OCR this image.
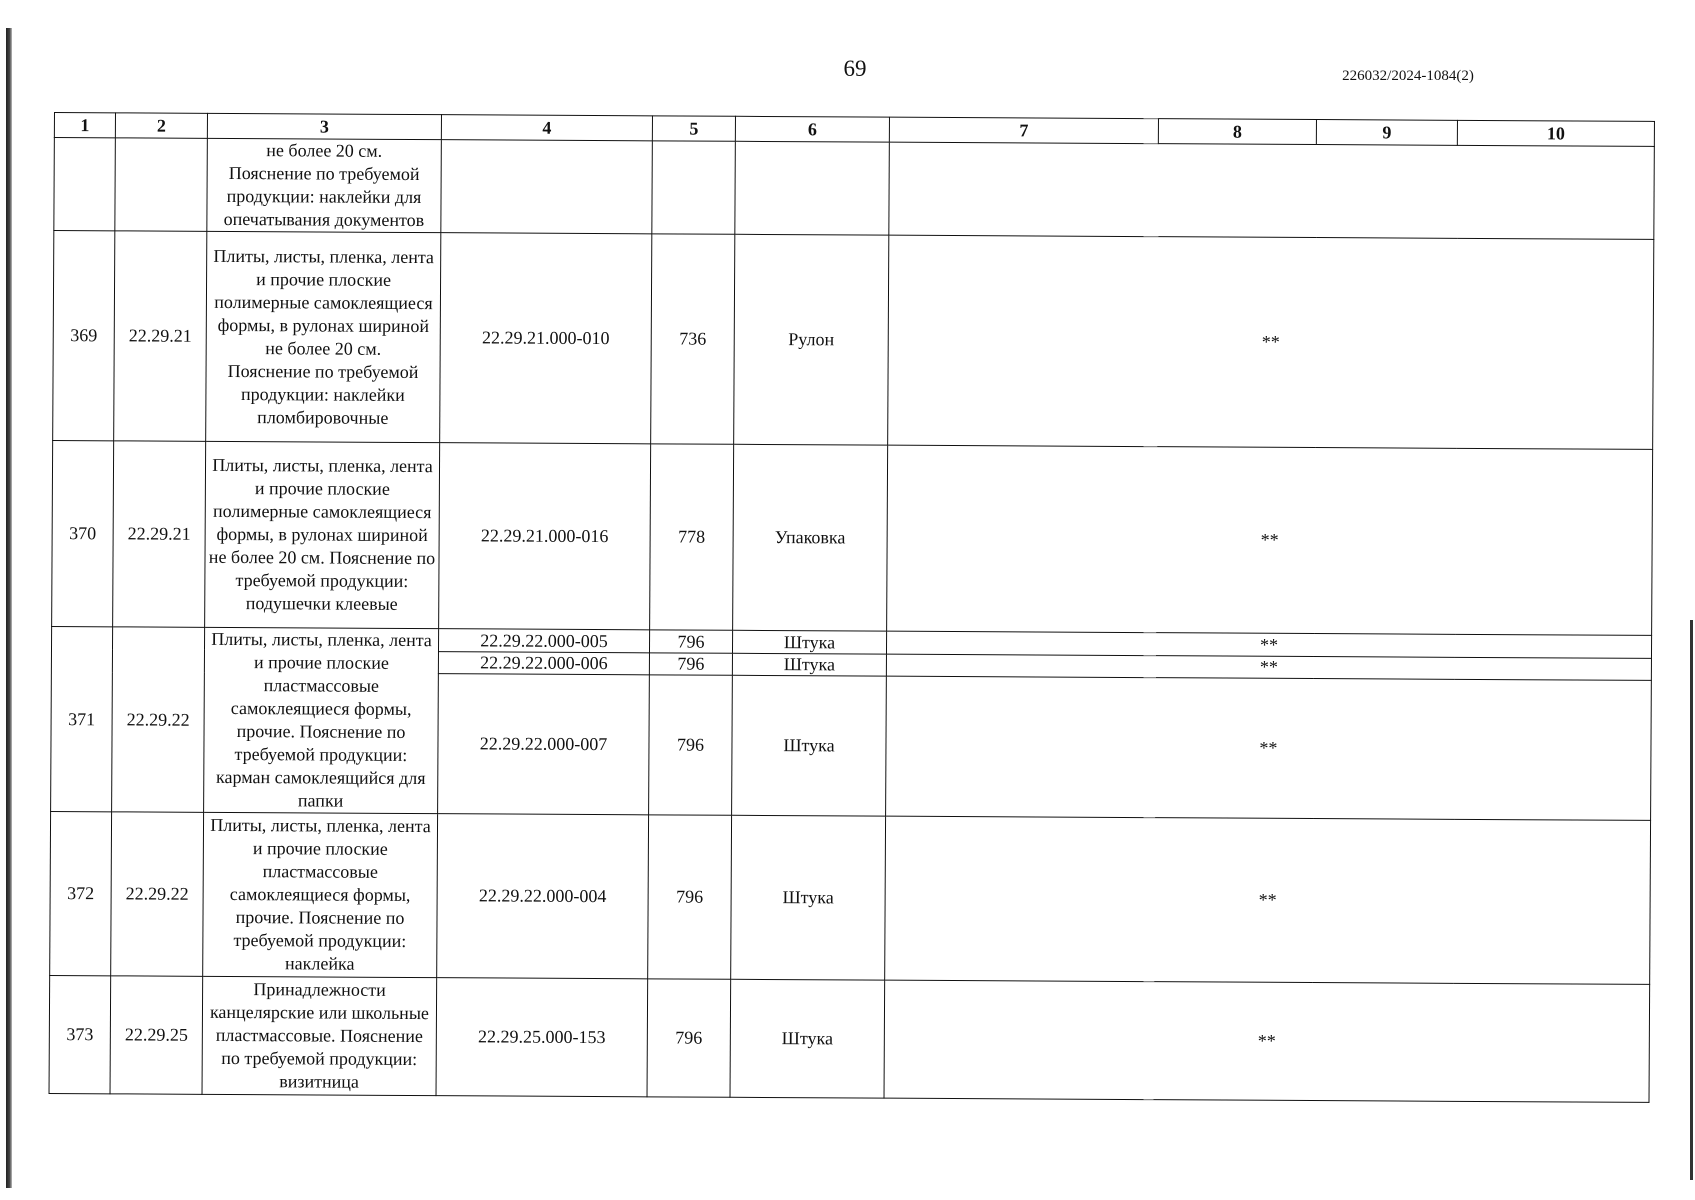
69	226032/2024-1084(2)
1	2	3	4	5	6	7	8	9	10
		не более 20 см.
Пояснение по требуемой продукции: наклейки для опечатывания документов							
369	22.29.21	Плиты, листы, пленка, лента и прочие плоские полимерные самоклеящиеся формы, в рулонах шириной не более 20 см.
Пояснение по требуемой продукции: наклейки пломбировочные	22.29.21.000-010	736	Рулон	**			
370	22.29.21	Плиты, листы, пленка, лента и прочие плоские полимерные самоклеящиеся формы, в рулонах шириной не более 20 см. Пояснение по требуемой продукции: подушечки клеевые	22.29.21.000-016	778	Упаковка	**			
371	22.29.22	Плиты, листы, пленка, лента и прочие плоские пластмассовые самоклеящиеся формы, прочие. Пояснение по требуемой продукции: карман самоклеящийся для папки	22.29.22.000-005	796	Штука	**			
			22.29.22.000-006	796	Штука	**			
			22.29.22.000-007	796	Штука	**			
372	22.29.22	Плиты, листы, пленка, лента и прочие плоские пластмассовые самоклеящиеся формы, прочие. Пояснение по требуемой продукции: наклейка	22.29.22.000-004	796	Штука	**			
373	22.29.25	Принадлежности канцелярские или школьные пластмассовые. Пояснение по требуемой продукции: визитница	22.29.25.000-153	796	Штука	**			
